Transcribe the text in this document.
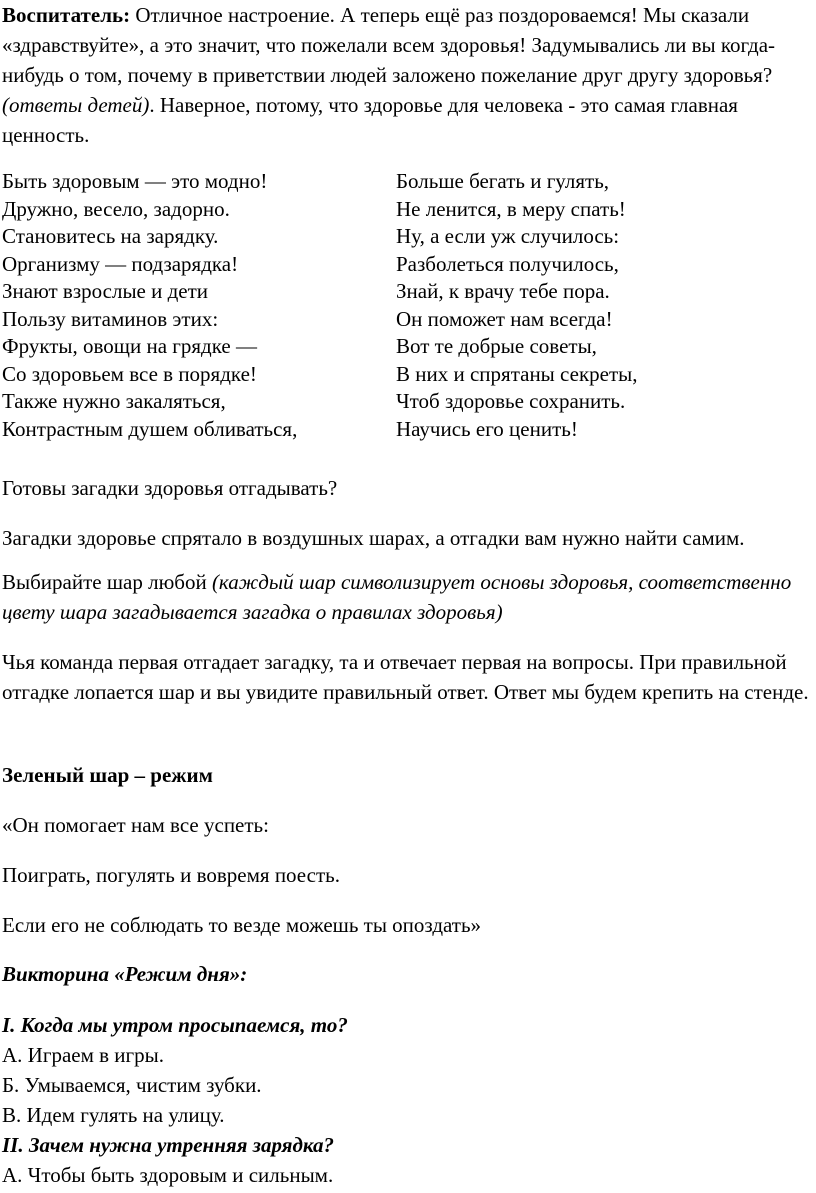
Воспитатель: Отличное настроение. А теперь ещё раз поздороваемся! Мы сказали «здравствуйте», а это значит, что пожелали всем здоровья! Задумывались ли вы когда-нибудь о том, почему в приветствии людей заложено пожелание друг другу здоровья? (ответы детей). Наверное, потому, что здоровье для человека - это самая главная ценность.

Быть здоровым — это модно!
Дружно, весело, задорно.
Становитесь на зарядку.
Организму — подзарядка!
Знают взрослые и дети
Пользу витаминов этих:
Фрукты, овощи на грядке —
Со здоровьем все в порядке!
Также нужно закаляться,
Контрастным душем обливаться,
Больше бегать и гулять,
Не ленится, в меру спать!
Ну, а если уж случилось:
Разболеться получилось,
Знай, к врачу тебе пора.
Он поможет нам всегда!
Вот те добрые советы,
В них и спрятаны секреты,
Чтоб здоровье сохранить.
Научись его ценить!

Готовы загадки здоровья отгадывать?

Загадки здоровье спрятало в воздушных шарах, а отгадки вам нужно найти самим.

Выбирайте шар любой (каждый шар символизирует основы здоровья, соответственно цвету шара загадывается загадка о правилах здоровья)

Чья команда первая отгадает загадку, та и отвечает первая на вопросы. При правильной отгадке лопается шар и вы увидите правильный ответ. Ответ мы будем крепить на стенде.

Зеленый шар – режим

«Он помогает нам все успеть:

Поиграть, погулять и вовремя поесть.

Если его не соблюдать то везде можешь ты опоздать»

Викторина «Режим дня»:

I. Когда мы утром просыпаемся, то?

А. Играем в игры.

Б. Умываемся, чистим зубки.

В. Идем гулять на улицу.

II. Зачем нужна утренняя зарядка?

А. Чтобы быть здоровым и сильным.
